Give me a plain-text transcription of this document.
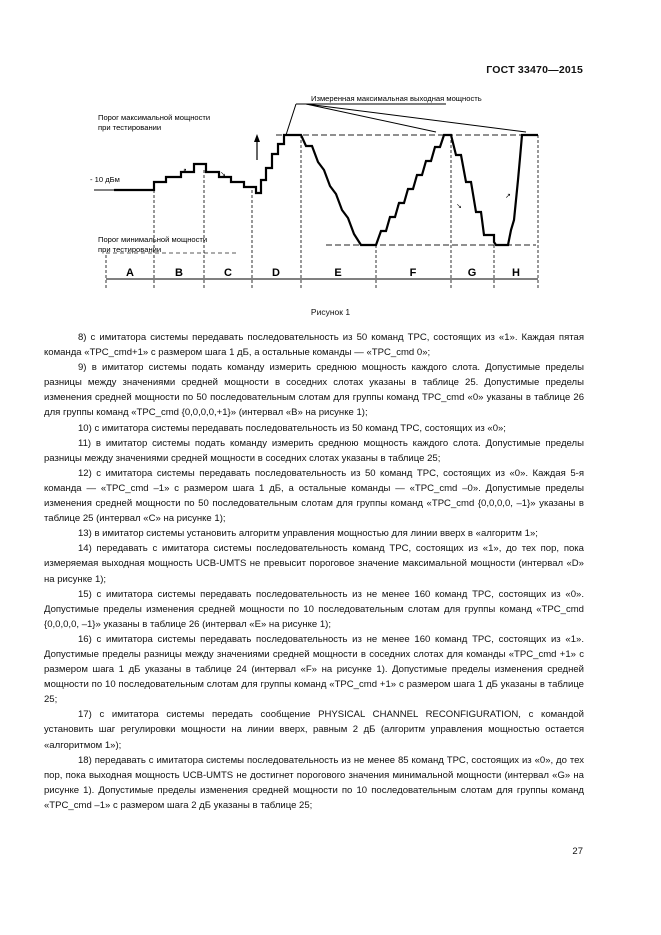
ГОСТ 33470—2015
↗	↘
↗	↘
↗
Измеренная максимальная выходная мощность
Порог максимальной мощности
при тестировании
- 10 дБм
Порог минимальной мощности
при тестировании
A	B	C	D	E	F	G	H
Рисунок 1

8) с имитатора системы передавать последовательность из 50 команд TPC, состоящих из «1». Каждая пятая команда «TPC_cmd+1» с размером шага 1 дБ, а остальные команды — «TPC_cmd 0»;

9) в имитатор системы подать команду измерить среднюю мощность каждого слота. Допустимые пределы разницы между значениями средней мощности в соседних слотах указаны в таблице 25. Допустимые пределы изменения средней мощности по 50 последовательным слотам для группы команд TPC_cmd «0» указаны в таблице 26 для группы команд «TPC_cmd {0,0,0,0,+1}» (интервал «B» на рисунке 1);

10) с имитатора системы передавать последовательность из 50 команд TPC, состоящих из «0»;

11) в имитатор системы подать команду измерить среднюю мощность каждого слота. Допустимые пределы разницы между значениями средней мощности в соседних слотах указаны в таблице 25;

12) с имитатора системы передавать последовательность из 50 команд TPC, состоящих из «0». Каждая 5-я команда — «TPC_cmd –1» с размером шага 1 дБ, а остальные команды — «TPC_cmd –0». Допустимые пределы изменения средней мощности по 50 последовательным слотам для группы команд «TPC_cmd {0,0,0,0, –1}» указаны в таблице 25 (интервал «C» на рисунке 1);

13) в имитатор системы установить алгоритм управления мощностью для линии вверх в «алгоритм 1»;

14) передавать с имитатора системы последовательность команд TPC, состоящих из «1», до тех пор, пока измеряемая выходная мощность UCB-UMTS не превысит пороговое значение максимальной мощности (интервал «D» на рисунке 1);

15) с имитатора системы передавать последовательность из не менее 160 команд TPC, состоящих из «0». Допустимые пределы изменения средней мощности по 10 последовательным слотам для группы команд «TPC_cmd {0,0,0,0, –1}» указаны в таблице 26 (интервал «E» на рисунке 1);

16) с имитатора системы передавать последовательность из не менее 160 команд TPC, состоящих из «1». Допустимые пределы разницы между значениями средней мощности в соседних слотах для команды «TPC_cmd +1» с размером шага 1 дБ указаны в таблице 24 (интервал «F» на рисунке 1). Допустимые пределы изменения средней мощности по 10 последовательным слотам для группы команд «TPC_cmd +1» с размером шага 1 дБ указаны в таблице 25;

17) с имитатора системы передать сообщение PHYSICAL CHANNEL RECONFIGURATION, с командой установить шаг регулировки мощности на линии вверх, равным 2 дБ (алгоритм управления мощностью остается «алгоритмом 1»);

18) передавать с имитатора системы последовательность из не менее 85 команд TPC, состоящих из «0», до тех пор, пока выходная мощность UCB-UMTS не достигнет порогового значения минимальной мощности (интервал «G» на рисунке 1). Допустимые пределы изменения средней мощности по 10 последовательным слотам для группы команд «TPC_cmd –1» с размером шага 2 дБ указаны в таблице 25;

27
